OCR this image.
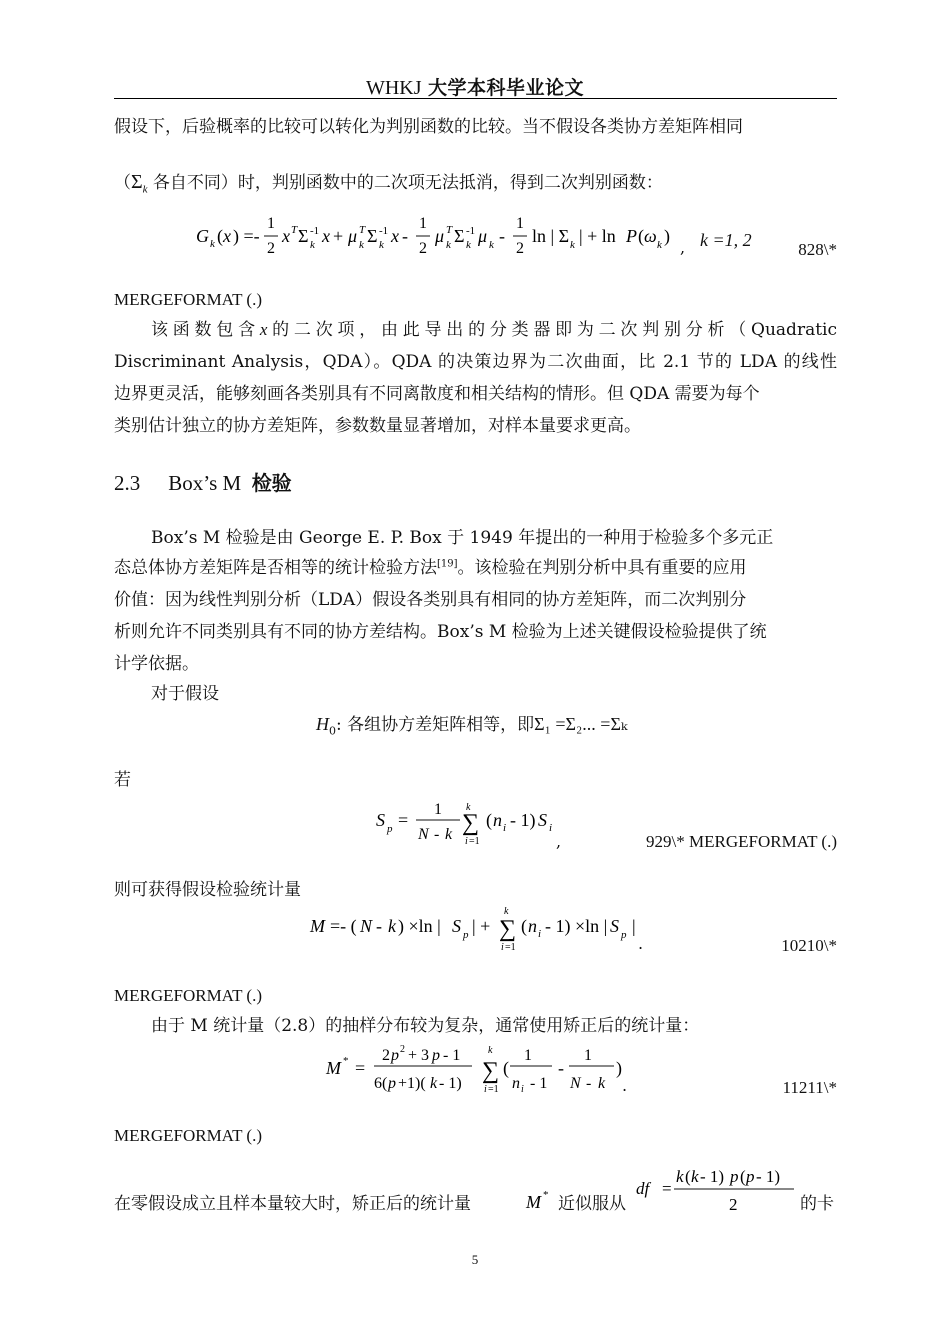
WHKJ 大学本科毕业论文
假设下，后验概率的比较可以转化为判别函数的比较。当不假设各类协方差矩阵相同
（$\Sigma_k$ 各自不同）时，判别函数中的二次项无法抵消，得到二次判别函数：
G k ( x ) =-
1
2
x T Σ -1
k x + μ T
k Σ -1
k x -
1
2
μ T
k Σ -1
k μ k -
1
2
ln | Σ k | + ln P ( ω k )
, k =1, 2	828\*
MERGEFORMAT (.)
该函数包含x的二次项，由此导出的分类器即为二次判别分析（Quadratic
Discriminant Analysis，QDA）。QDA 的决策边界为二次曲面，比 2.1 节的 LDA 的线性
边界更灵活，能够刻画各类别具有不同离散度和相关结构的情形。但 QDA 需要为每个
类别估计独立的协方差矩阵，参数数量显著增加，对样本量要求更高。
2.3 Box’s M 检验
Box’s M 检验是由 George E. P. Box 于 1949 年提出的一种用于检验多个多元正
态总体协方差矩阵是否相等的统计检验方法[19]。该检验在判别分析中具有重要的应用
价值：因为线性判别分析（LDA）假设各类别具有相同的协方差矩阵，而二次判别分
析则允许不同类别具有不同的协方差结构。Box’s M 检验为上述关键假设检验提供了统
计学依据。
对于假设
$H_0$: 各组协方差矩阵相等，即Σ₁ =Σ₂... =Σₖ
若
S p =
1
N - k
k
∑
i =1
( n i - 1) S i
,	929\* MERGEFORMAT (.)
则可获得假设检验统计量
M =- ( N - k ) ×ln | S p | +
k
∑
i =1
( n i - 1) ×ln | S p |
.	10210\*
MERGEFORMAT (.)
由于 M 统计量（2.8）的抽样分布较为复杂，通常使用矫正后的统计量：
M * =
2 p 2 + 3 p - 1
6( p +1)( k - 1)
k
∑
i =1
(
1
n i - 1
-
1
N - k
)
.	11211\*
MERGEFORMAT (.)
在零假设成立且样本量较大时，矫正后的统计量	M * 近似服从
df =
k ( k - 1) p ( p - 1)
2	的卡
5
